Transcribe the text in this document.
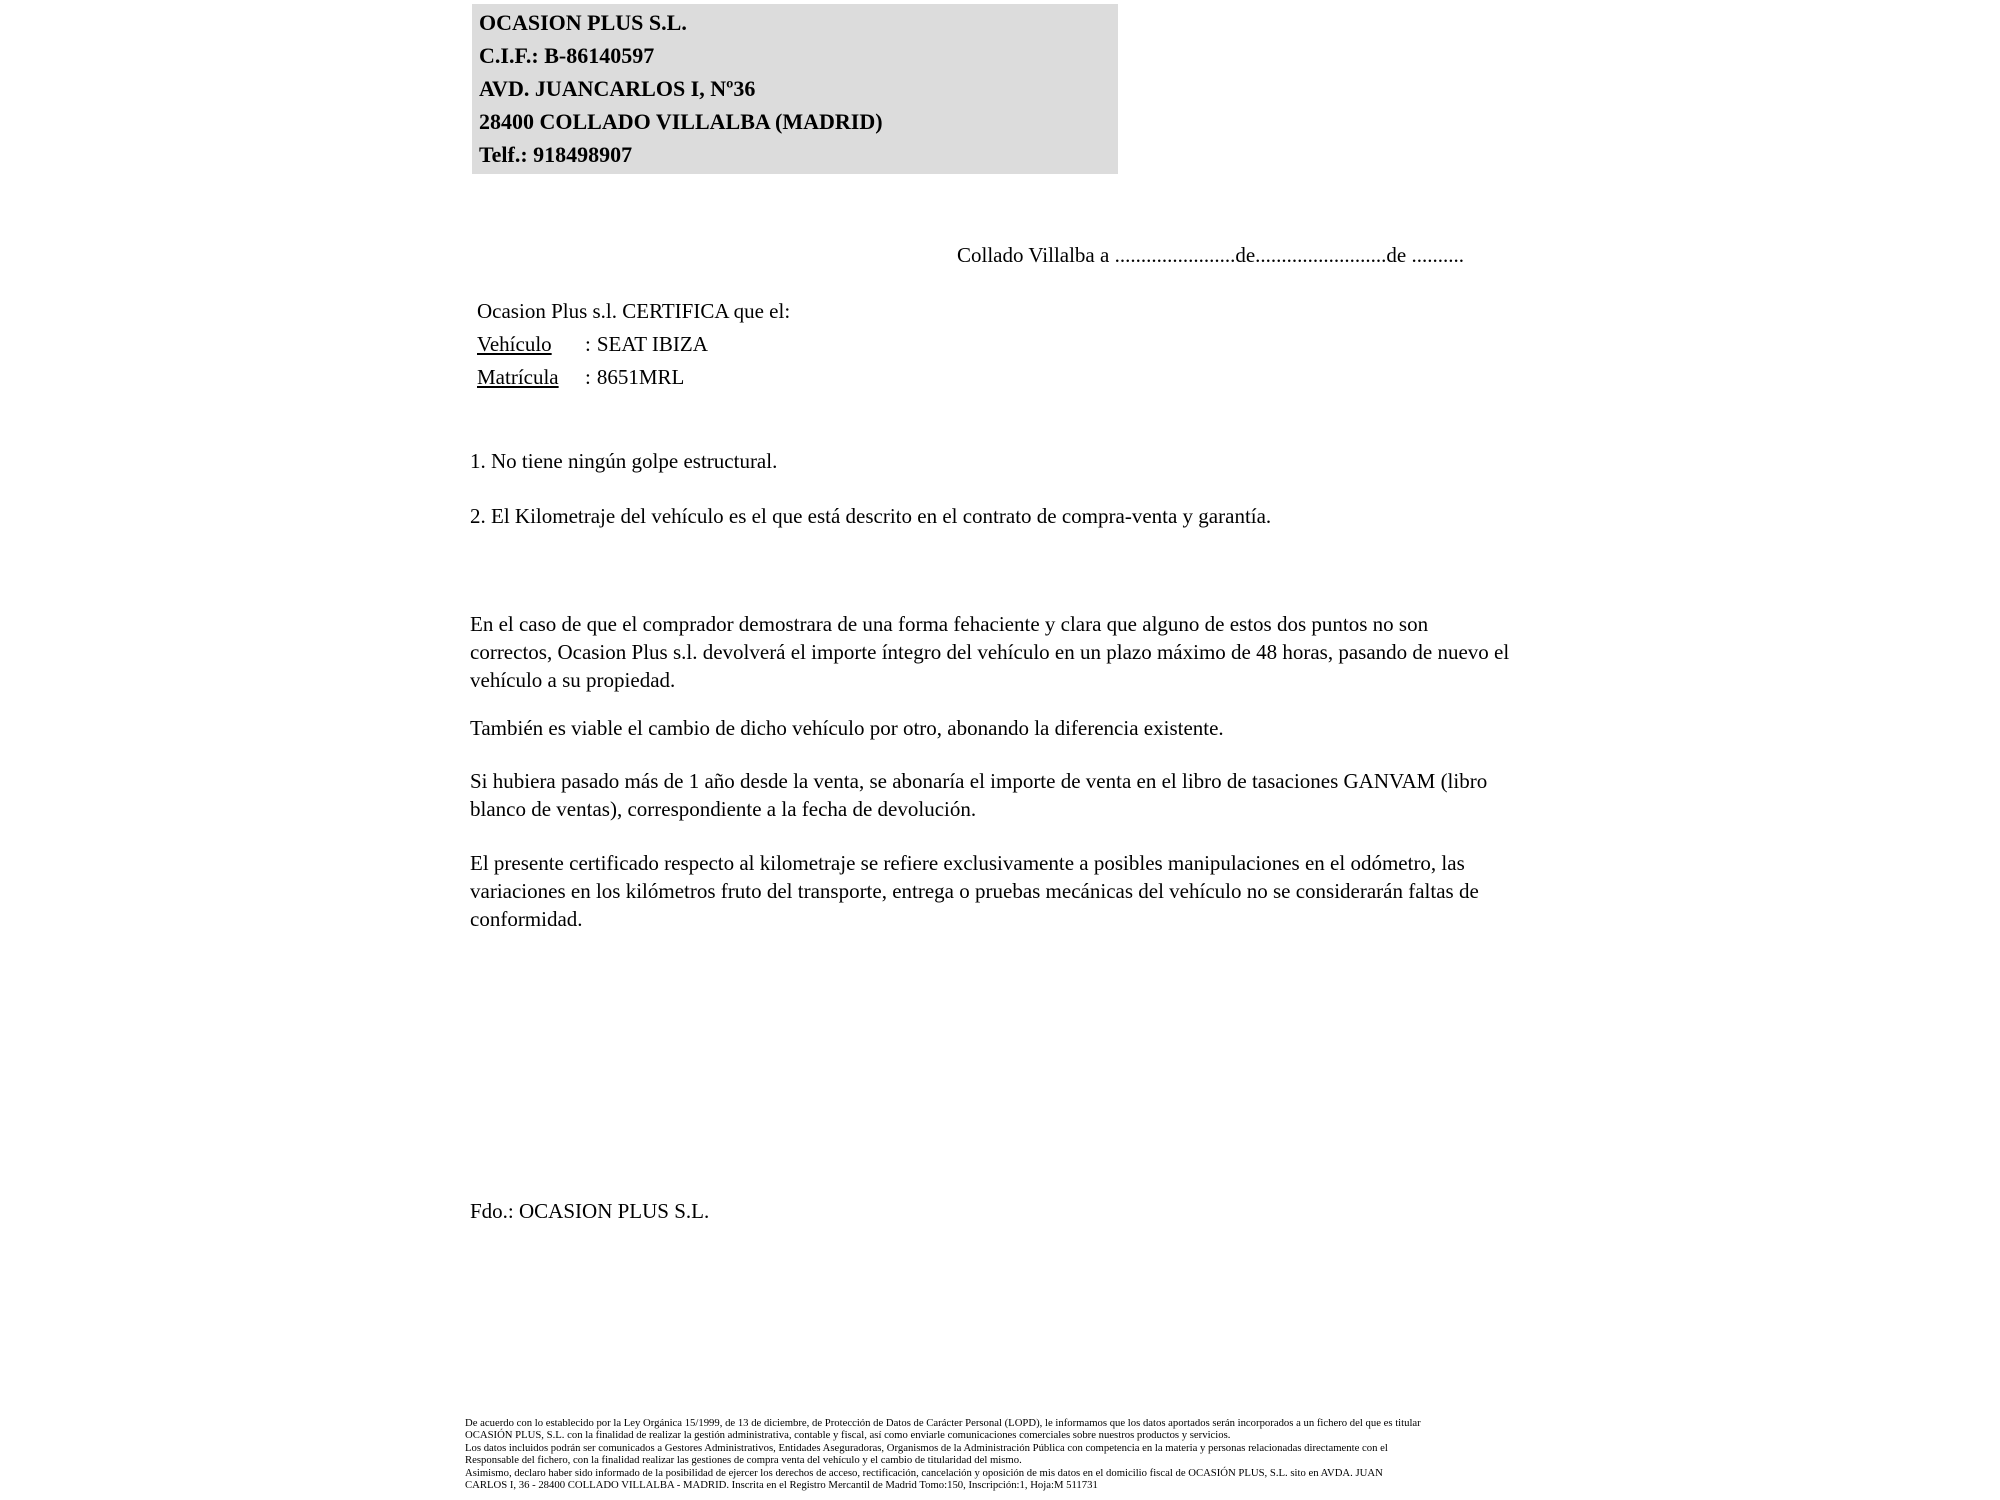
OCASION PLUS S.L.
C.I.F.: B-86140597
AVD. JUANCARLOS I, Nº36
28400 COLLADO VILLALBA (MADRID)
Telf.: 918498907
Collado Villalba a .......................de.........................de ..........
Ocasion Plus s.l. CERTIFICA que el:
Vehículo : SEAT IBIZA
Matrícula : 8651MRL
1. No tiene ningún golpe estructural.
2. El Kilometraje del vehículo es el que está descrito en el contrato de compra-venta y garantía.
En el caso de que el comprador demostrara de una forma fehaciente y clara que alguno de estos dos puntos no son correctos, Ocasion Plus s.l. devolverá el importe íntegro del vehículo en un plazo máximo de 48 horas, pasando de nuevo el vehículo a su propiedad.
También es viable el cambio de dicho vehículo por otro, abonando la diferencia existente.
Si hubiera pasado más de 1 año desde la venta, se abonaría el importe de venta en el libro de tasaciones GANVAM (libro blanco de ventas), correspondiente a la fecha de devolución.
El presente certificado respecto al kilometraje se refiere exclusivamente a posibles manipulaciones en el odómetro, las variaciones en los kilómetros fruto del transporte, entrega o pruebas mecánicas del vehículo no se considerarán faltas de conformidad.
Fdo.: OCASION PLUS S.L.
De acuerdo con lo establecido por la Ley Orgánica 15/1999, de 13 de diciembre, de Protección de Datos de Carácter Personal (LOPD), le informamos que los datos aportados serán incorporados a un fichero del que es titular
OCASIÓN PLUS, S.L. con la finalidad de realizar la gestión administrativa, contable y fiscal, así como enviarle comunicaciones comerciales sobre nuestros productos y servicios.
Los datos incluidos podrán ser comunicados a Gestores Administrativos, Entidades Aseguradoras, Organismos de la Administración Pública con competencia en la materia y personas relacionadas directamente con el
Responsable del fichero, con la finalidad realizar las gestiones de compra venta del vehículo y el cambio de titularidad del mismo.
Asimismo, declaro haber sido informado de la posibilidad de ejercer los derechos de acceso, rectificación, cancelación y oposición de mis datos en el domicilio fiscal de OCASIÓN PLUS, S.L. sito en AVDA. JUAN
CARLOS I, 36 - 28400 COLLADO VILLALBA - MADRID. Inscrita en el Registro Mercantil de Madrid Tomo:150, Inscripción:1, Hoja:M 511731
